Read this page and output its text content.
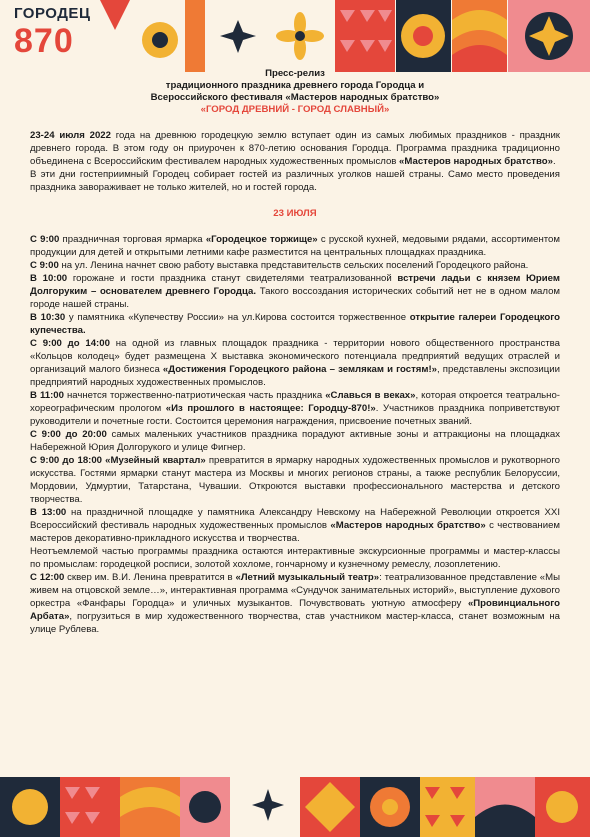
ГОРОДЕЦ
870
Пресс-релиз
традиционного праздника древнего города Городца и
Всероссийского фестиваля «Мастеров народных братство»
«ГОРОД ДРЕВНИЙ - ГОРОД СЛАВНЫЙ»

23-24 июля 2022 года на древнюю городецкую землю вступает один из самых любимых праздников - праздник древнего города. В этом году он приурочен к 870-летию основания Городца. Программа праздника традиционно объединена с Всероссийским фестивалем народных художественных промыслов «Мастеров народных братство».

В эти дни гостеприимный Городец собирает гостей из различных уголков нашей страны. Само место проведения праздника завораживает не только жителей, но и гостей города.

23 ИЮЛЯ

С 9:00 праздничная торговая ярмарка «Городецкое торжище» с русской кухней, медовыми рядами, ассортиментом продукции для детей и открытыми летними кафе разместится на центральных площадках праздника.

С 9:00 на ул. Ленина начнет свою работу выставка представительств сельских поселений Городецкого района.

В 10:00 горожане и гости праздника станут свидетелями театрализованной встречи ладьи с князем Юрием Долгоруким – основателем древнего Городца. Такого воссоздания исторических событий нет не в одном малом городе нашей страны.

В 10:30 у памятника «Купечеству России» на ул.Кирова состоится торжественное открытие галереи Городецкого купечества.

С 9:00 до 14:00 на одной из главных площадок праздника - территории нового общественного пространства «Кольцов колодец» будет размещена X выставка экономического потенциала предприятий ведущих отраслей и организаций малого бизнеса «Достижения Городецкого района – землякам и гостям!», представлены экспозиции предприятий народных художественных промыслов.

В 11:00 начнется торжественно-патриотическая часть праздника «Славься в веках», которая откроется театрально-хореографическим прологом «Из прошлого в настоящее: Городцу-870!». Участников праздника поприветствуют руководители и почетные гости. Состоится церемония награждения, присвоение почетных званий.

С 9:00 до 20:00 самых маленьких участников праздника порадуют активные зоны и аттракционы на площадках Набережной Юрия Долгорукого и улице Фигнер.

С 9:00 до 18:00 «Музейный квартал» превратится в ярмарку народных художественных промыслов и рукотворного искусства. Гостями ярмарки станут мастера из Москвы и многих регионов страны, а также республик Белоруссии, Мордовии, Удмуртии, Татарстана, Чувашии. Откроются выставки профессионального мастерства и детского творчества.

В 13:00 на праздничной площадке у памятника Александру Невскому на Набережной Революции откроется XXI Всероссийский фестиваль народных художественных промыслов «Мастеров народных братство» с чествованием мастеров декоративно-прикладного искусства и творчества.

Неотъемлемой частью программы праздника остаются интерактивные экскурсионные программы и мастер-классы по промыслам: городецкой росписи, золотой хохломе, гончарному и кузнечному ремеслу, лозоплетению.

С 12:00 сквер им. В.И. Ленина превратится в «Летний музыкальный театр»: театрализованное представление «Мы живем на отцовской земле…», интерактивная программа «Сундучок занимательных историй», выступление духового оркестра «Фанфары Городца» и уличных музыкантов. Почувствовать уютную атмосферу «Провинциального Арбата», погрузиться в мир художественного творчества, став участником мастер-класса, станет возможным на улице Рублева.
